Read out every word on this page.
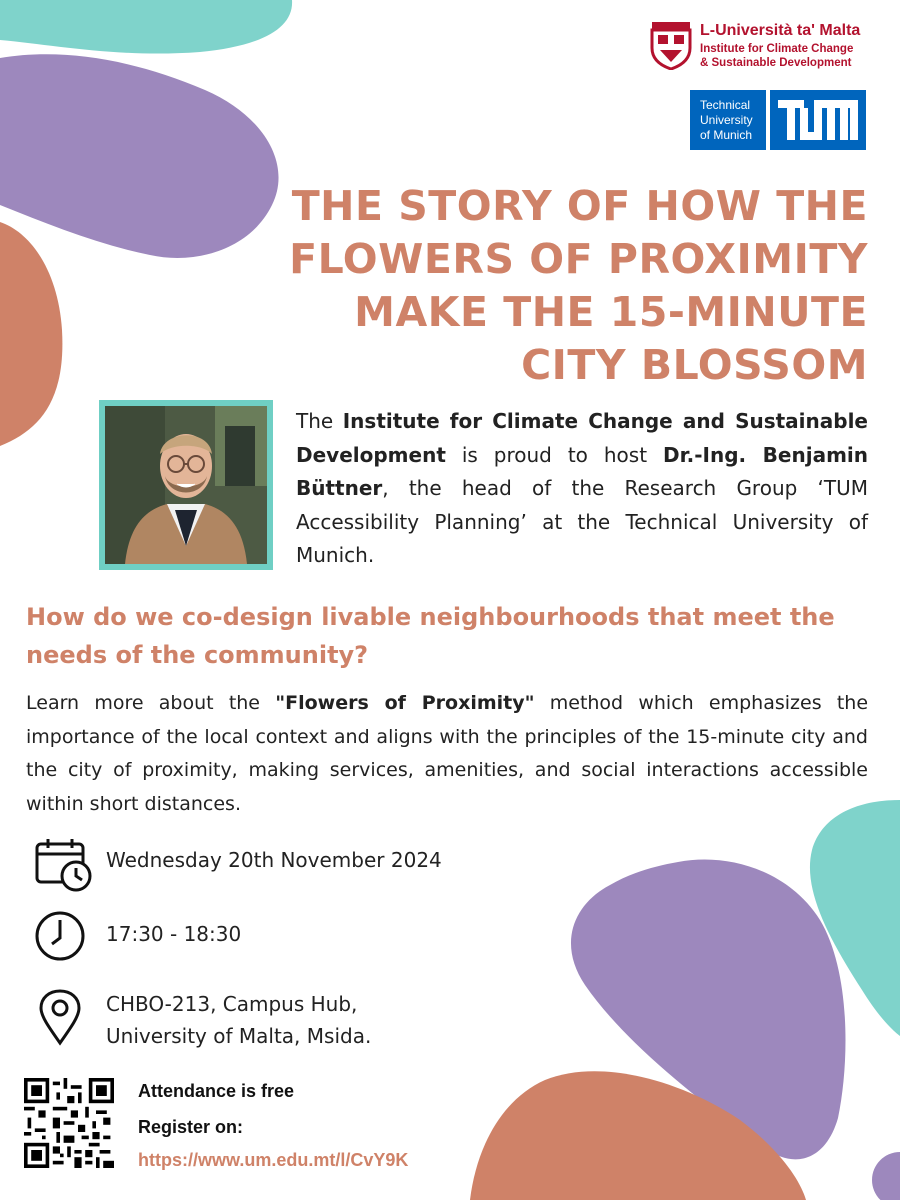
L-Università ta' Malta
Institute for Climate Change
& Sustainable Development
Technical
University
of Munich
THE STORY OF HOW THE FLOWERS OF PROXIMITY MAKE THE 15-MINUTE CITY BLOSSOM
The Institute for Climate Change and Sustainable Development is proud to host Dr.-Ing. Benjamin Büttner, the head of the Research Group ‘TUM Accessibility Planning’ at the Technical University of Munich.
How do we co-design livable neighbourhoods that meet the needs of the community?
Learn more about the "Flowers of Proximity" method which emphasizes the importance of the local context and aligns with the principles of the 15-minute city and the city of proximity, making services, amenities, and social interactions accessible within short distances.
Wednesday 20th November 2024
17:30 - 18:30
CHBO-213, Campus Hub,
University of Malta, Msida.
Attendance is free
Register on:
https://www.um.edu.mt/l/CvY9K
